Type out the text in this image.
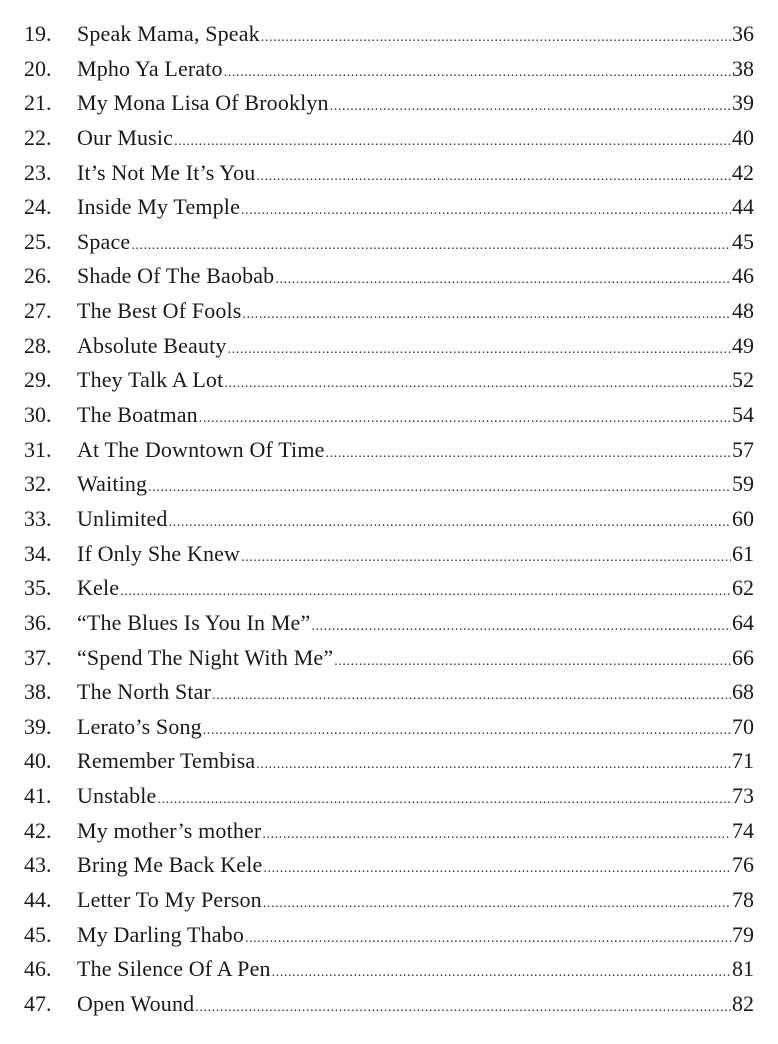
19.	Speak Mama, Speak .....	36
20.	Mpho Ya Lerato .....	38
21.	My Mona Lisa Of Brooklyn .....	39
22.	Our Music .....	40
23.	It’s Not Me It’s You .....	42
24.	Inside My Temple .....	44
25.	Space .....	45
26.	Shade Of The Baobab .....	46
27.	The Best Of Fools .....	48
28.	Absolute Beauty .....	49
29.	They Talk A Lot .....	52
30.	The Boatman .....	54
31.	At The Downtown Of Time .....	57
32.	Waiting .....	59
33.	Unlimited .....	60
34.	If Only She Knew .....	61
35.	Kele .....	62
36.	“The Blues Is You In Me” .....	64
37.	“Spend The Night With Me” .....	66
38.	The North Star .....	68
39.	Lerato’s Song .....	70
40.	Remember Tembisa .....	71
41.	Unstable .....	73
42.	My mother’s mother .....	74
43.	Bring Me Back Kele .....	76
44.	Letter To My Person .....	78
45.	My Darling Thabo .....	79
46.	The Silence Of A Pen .....	81
47.	Open Wound .....	82
